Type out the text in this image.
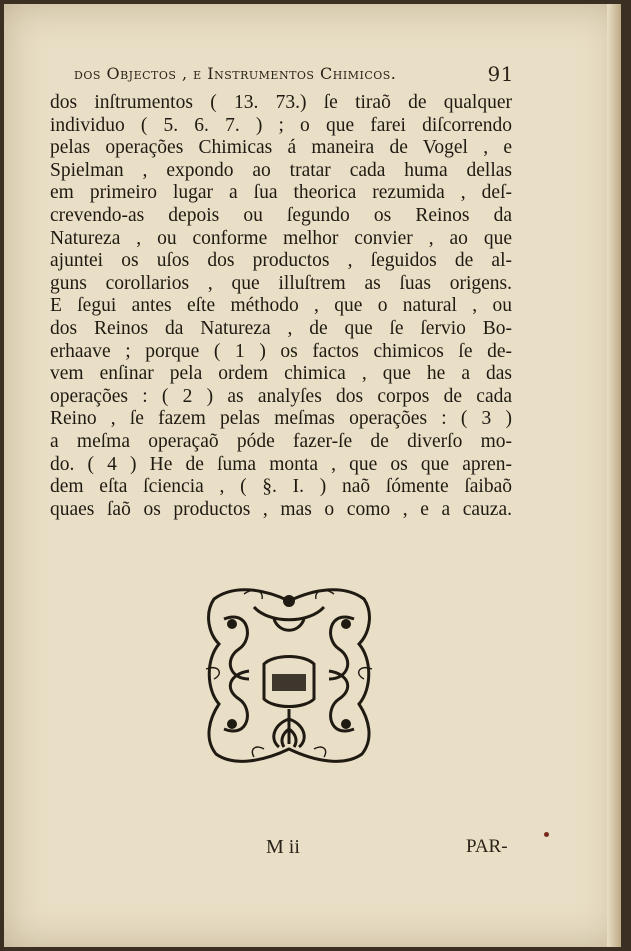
dos Objectos , e Instrumentos Chimicos.	91
dos inſtrumentos ( 13. 73.) ſe tiraõ de qualquer
individuo ( 5. 6. 7. ) ; o que farei diſcorrendo
pelas operações Chimicas á maneira de Vogel , e
Spielman , expondo ao tratar cada huma dellas
em primeiro lugar a ſua theorica rezumida , deſ-
crevendo-as depois ou ſegundo os Reinos da
Natureza , ou conforme melhor convier , ao que
ajuntei os uſos dos productos , ſeguidos de al-
guns corollarios , que illuſtrem as ſuas origens.
E ſegui antes eſte méthodo , que o natural , ou
dos Reinos da Natureza , de que ſe ſervio Bo-
erhaave ; porque ( 1 ) os factos chimicos ſe de-
vem enſinar pela ordem chimica , que he a das
operações : ( 2 ) as analyſes dos corpos de cada
Reino , ſe fazem pelas meſmas operações : ( 3 )
a meſma operaçaõ póde fazer-ſe de diverſo mo-
do. ( 4 ) He de ſuma monta , que os que apren-
dem eſta ſciencia , ( §. I. ) naõ ſómente ſaibaõ
quaes ſaõ os productos , mas o como , e a cauza.
M ii	PAR-
